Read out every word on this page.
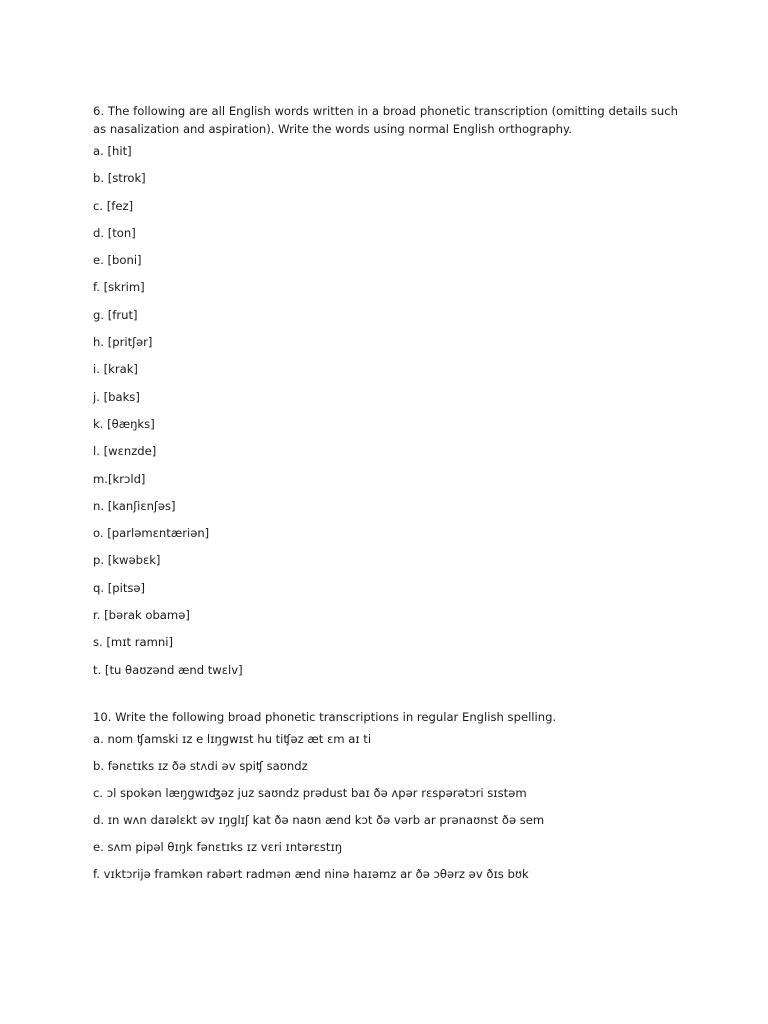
6. The following are all English words written in a broad phonetic transcription (omitting details such as nasalization and aspiration). Write the words using normal English orthography.

a. [hit]
b. [strok]
c. [fez]
d. [ton]
e. [boni]
f. [skrim]
g. [frut]
h. [pritʃər]
i. [krak]
j. [baks]
k. [θæŋks]
l. [wɛnzde]
m.[krɔld]
n. [kanʃiɛnʃəs]
o. [parləmɛntæriən]
p. [kwəbɛk]
q. [pitsə]
r. [bərak obamə]
s. [mɪt ramni]
t. [tu θaʊzənd ænd twɛlv]

10. Write the following broad phonetic transcriptions in regular English spelling.

a. nom ʧamski ɪz e lɪŋgwɪst hu tiʧəz æt ɛm aɪ ti
b. fənɛtɪks ɪz ðə stʌdi əv spiʧ saʊndz
c. ɔl spokən læŋgwɪʤəz juz saʊndz prədust baɪ ðə ʌpər rɛspərətɔri sɪstəm
d. ɪn wʌn daɪəlɛkt əv ɪŋglɪʃ kat ðə naʊn ænd kɔt ðə vərb ar prənaʊnst ðə sem
e. sʌm pipəl θɪŋk fənɛtɪks ɪz vɛri ɪntərɛstɪŋ
f. vɪktɔrijə framkən rabərt radmən ænd ninə haɪəmz ar ðə ɔθərz əv ðɪs bʊk
